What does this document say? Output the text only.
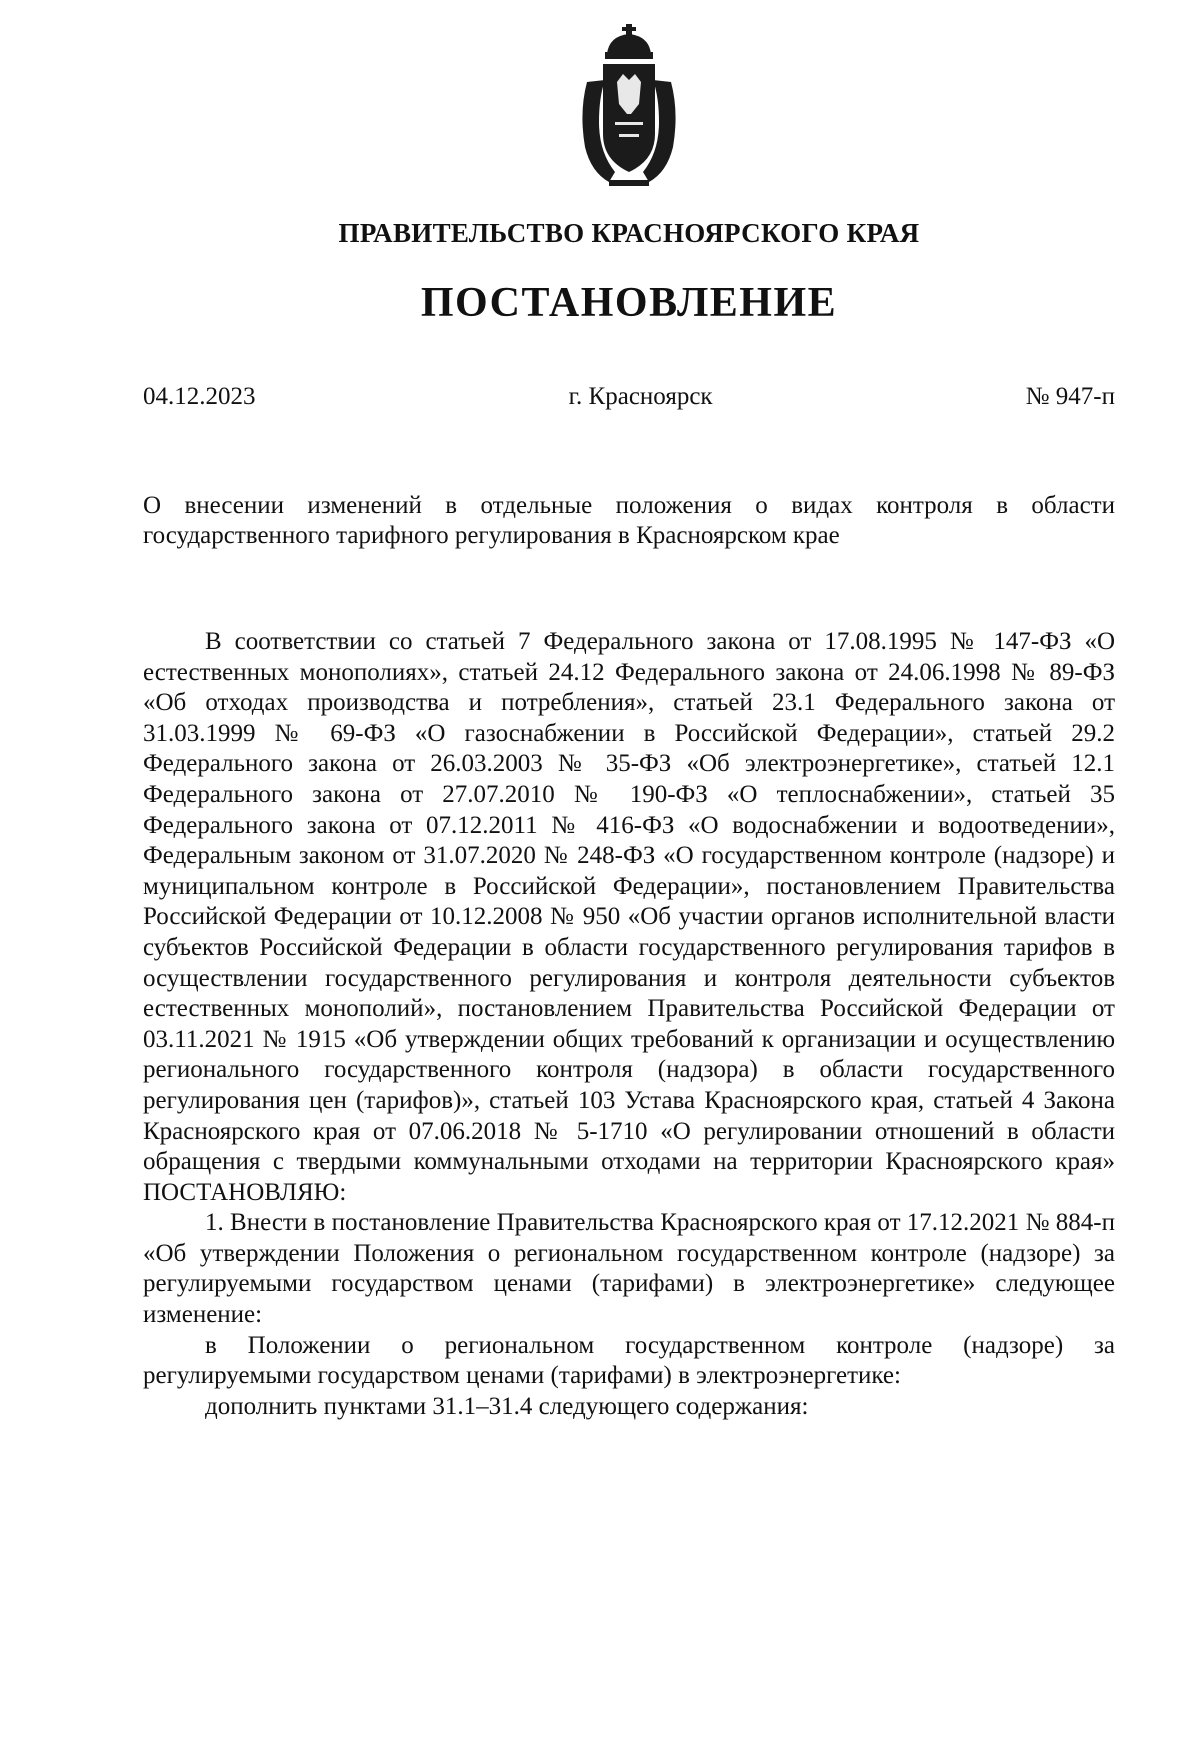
ПРАВИТЕЛЬСТВО КРАСНОЯРСКОГО КРАЯ
ПОСТАНОВЛЕНИЕ
04.12.2023	г. Красноярск	№ 947-п
О внесении изменений в отдельные положения о видах контроля в области государственного тарифного регулирования в Красноярском крае

В соответствии со статьей 7 Федерального закона от 17.08.1995 № 147-ФЗ «О естественных монополиях», статьей 24.12 Федерального закона от 24.06.1998 № 89-ФЗ «Об отходах производства и потребления», статьей 23.1 Федерального закона от 31.03.1999 № 69-ФЗ «О газоснабжении в Российской Федерации», статьей 29.2 Федерального закона от 26.03.2003 № 35-ФЗ «Об электроэнергетике», статьей 12.1 Федерального закона от 27.07.2010 № 190-ФЗ «О теплоснабжении», статьей 35 Федерального закона от 07.12.2011 № 416-ФЗ «О водоснабжении и водоотведении», Федеральным законом от 31.07.2020 № 248-ФЗ «О государственном контроле (надзоре) и муниципальном контроле в Российской Федерации», постановлением Правительства Российской Федерации от 10.12.2008 № 950 «Об участии органов исполнительной власти субъектов Российской Федерации в области государственного регулирования тарифов в осуществлении государственного регулирования и контроля деятельности субъектов естественных монополий», постановлением Правительства Российской Федерации от 03.11.2021 № 1915 «Об утверждении общих требований к организации и осуществлению регионального государственного контроля (надзора) в области государственного регулирования цен (тарифов)», статьей 103 Устава Красноярского края, статьей 4 Закона Красноярского края от 07.06.2018 № 5-1710 «О регулировании отношений в области обращения с твердыми коммунальными отходами на территории Красноярского края»

ПОСТАНОВЛЯЮ:

1. Внести в постановление Правительства Красноярского края от 17.12.2021 № 884-п «Об утверждении Положения о региональном государственном контроле (надзоре) за регулируемыми государством ценами (тарифами) в электроэнергетике» следующее изменение:

в Положении о региональном государственном контроле (надзоре) за регулируемыми государством ценами (тарифами) в электроэнергетике:

дополнить пунктами 31.1–31.4 следующего содержания:
